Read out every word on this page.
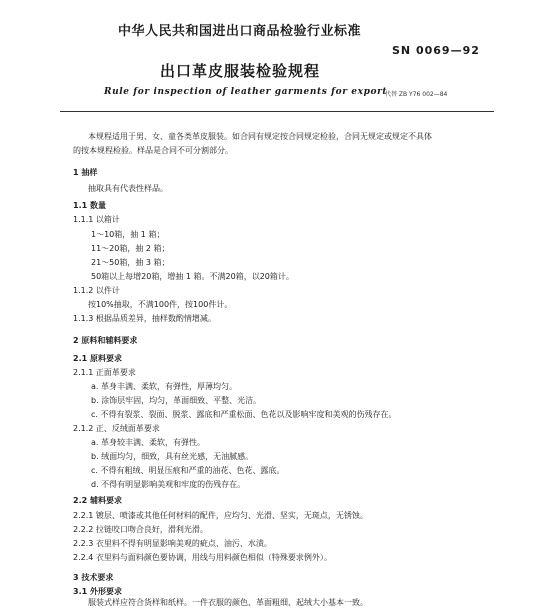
中华人民共和国进出口商品检验行业标准
SN 0069—92
出口革皮服装检验规程
Rule for inspection of leather garments for export
代替 ZB Y76 002—84
本规程适用于男、女、童各类革皮服装。如合同有规定按合同规定检验，合同无规定或规定不具体
的按本规程检验。样品是合同不可分割部分。
1 抽样
抽取具有代表性样品。
1.1 数量
1.1.1 以箱计
1～10箱，抽 1 箱；
11～20箱，抽 2 箱；
21～50箱，抽 3 箱；
50箱以上每增20箱，增抽 1 箱。不满20箱，以20箱计。
1.1.2 以件计
按10%抽取，不满100件，按100件计。
1.1.3 根据品质差异，抽样数酌情增减。
2 原料和辅料要求
2.1 原料要求
2.1.1 正面革要求
a. 革身丰满、柔软，有弹性，厚薄均匀。
b. 涂饰层牢固，均匀，革面细致、平整、光洁。
c. 不得有裂浆、裂面、脱浆、露底和严重松面、色花以及影响牢度和美观的伤残存在。
2.1.2 正、反绒面革要求
a. 革身较丰满、柔软，有弹性。
b. 绒面均匀，细致，具有丝光感，无油腻感。
c. 不得有粗绒、明显压痕和严重的油花、色花、露底。
d. 不得有明显影响美观和牢度的伤残存在。
2.2 辅料要求
2.2.1 镀层、喷漆或其他任何材料的配件，应均匀、光滑、坚实，无斑点，无锈蚀。
2.2.2 拉链咬口吻合良好，滑利光滑。
2.2.3 衣里料不得有明显影响美观的疵点、油污、水渍。
2.2.4 衣里料与面料颜色要协调，用线与用料颜色相似（特殊要求例外）。
3 技术要求
3.1 外形要求
服装式样应符合货样和纸样。一件衣服的颜色、革面粗细、起绒大小基本一致。
